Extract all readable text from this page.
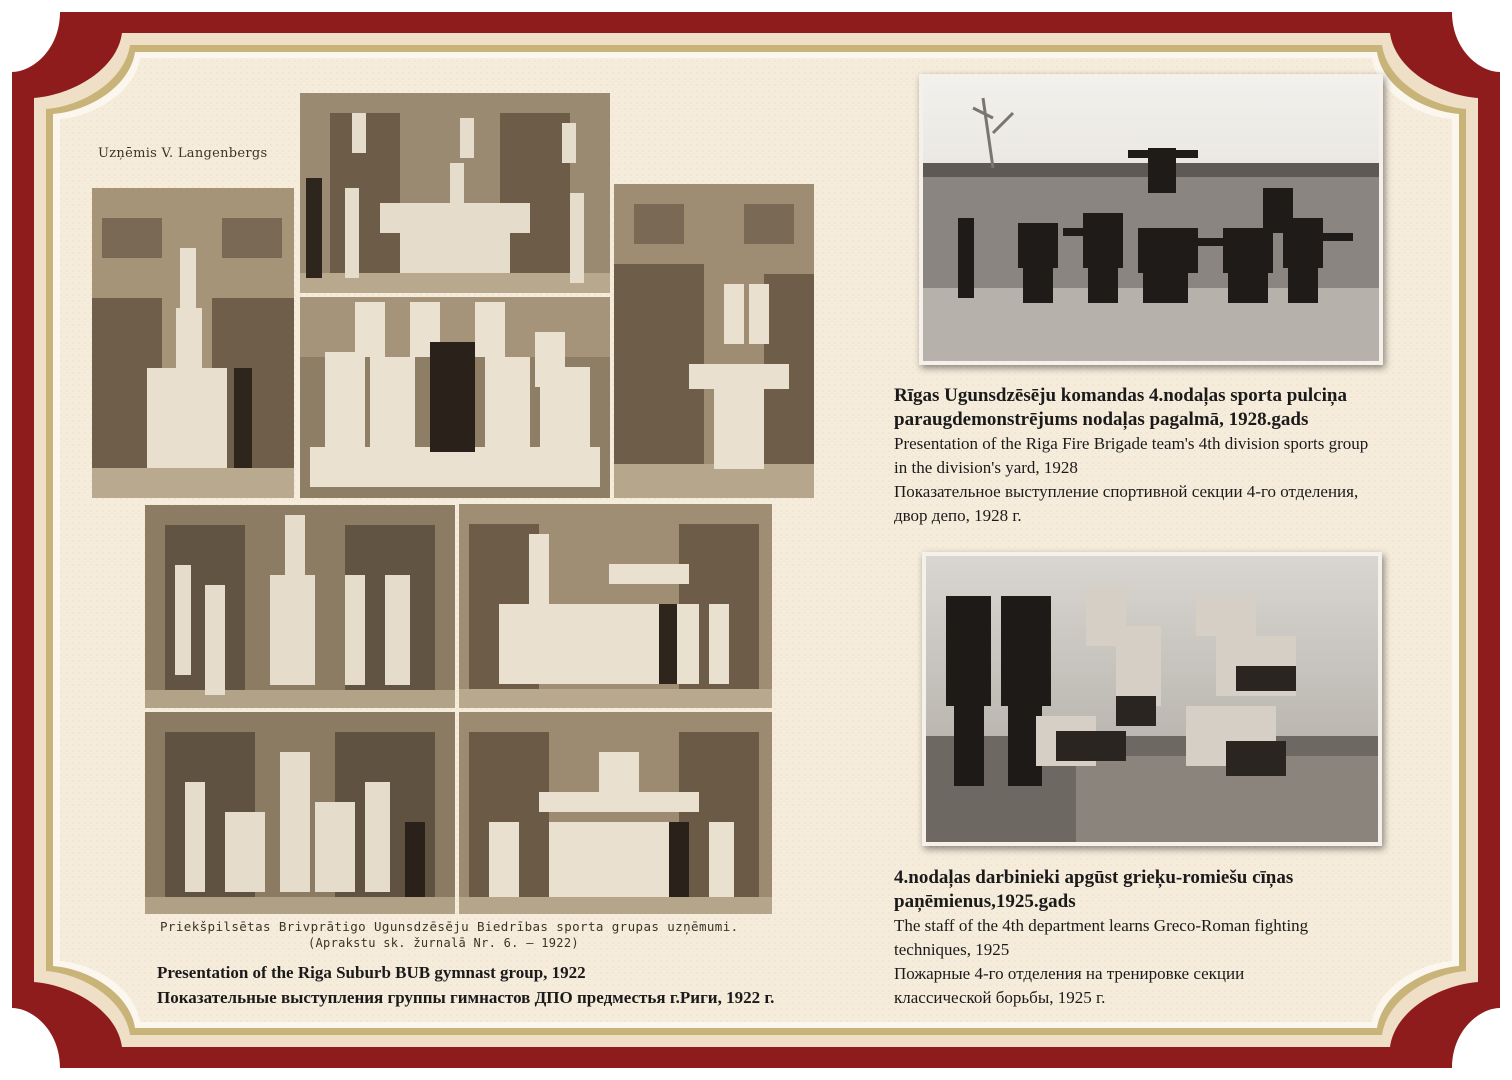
Uzņēmis V. Langenbergs
Priekšpilsētas Brivprātigo Ugunsdzēsēju Biedrības sporta grupas uzņēmumi.
(Aprakstu sk. žurnalā Nr. 6. — 1922)
Presentation of the Riga Suburb BUB gymnast group, 1922
Показательные выступления группы гимнастов ДПО предместья г.Риги, 1922 г.
Rīgas Ugunsdzēsēju komandas 4.nodaļas sporta pulciņa
paraugdemonstrējums nodaļas pagalmā, 1928.gads
Presentation of the Riga Fire Brigade team's 4th division sports group
in the division's yard, 1928
Показательное выступление спортивной секции 4-го отделения,
двор депо, 1928 г.
4.nodaļas darbinieki apgūst grieķu-romiešu cīņas
paņēmienus,1925.gads
The staff of the 4th department learns Greco-Roman fighting
techniques, 1925
Пожарные 4-го отделения на тренировке секции
классической борьбы, 1925 г.
